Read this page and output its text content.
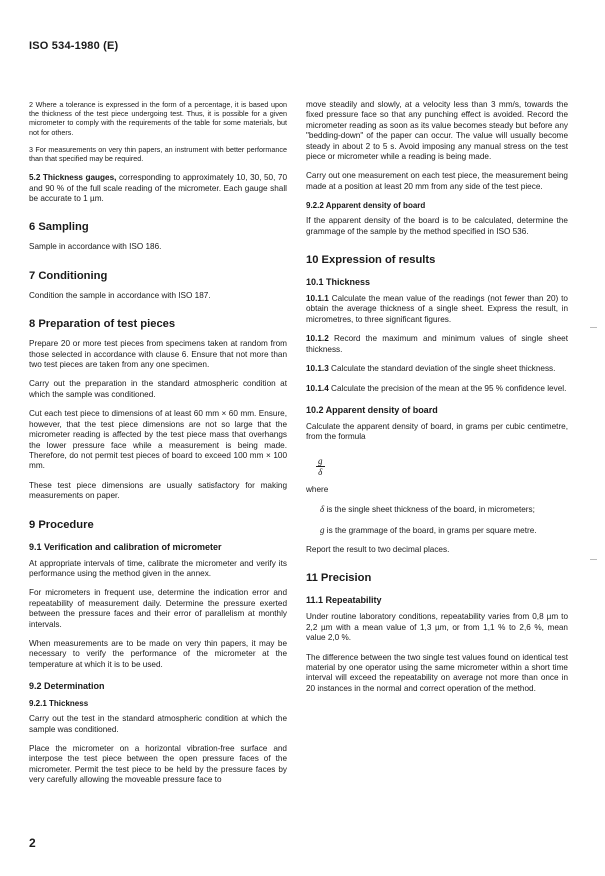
ISO 534-1980 (E)

2 Where a tolerance is expressed in the form of a percentage, it is based upon the thickness of the test piece undergoing test. Thus, it is possible for a given micrometer to comply with the requirements of the table for some materials, but not for others.

3 For measurements on very thin papers, an instrument with better performance than that specified may be required.

5.2 Thickness gauges, corresponding to approximately 10, 30, 50, 70 and 90 % of the full scale reading of the micrometer. Each gauge shall be accurate to 1 µm.

6 Sampling

Sample in accordance with ISO 186.

7 Conditioning

Condition the sample in accordance with ISO 187.

8 Preparation of test pieces

Prepare 20 or more test pieces from specimens taken at random from those selected in accordance with clause 6. Ensure that not more than two test pieces are taken from any one specimen.

Carry out the preparation in the standard atmospheric condition at which the sample was conditioned.

Cut each test piece to dimensions of at least 60 mm × 60 mm. Ensure, however, that the test piece dimensions are not so large that the micrometer reading is affected by the test piece mass that overhangs the lower pressure face while a measurement is being made. Therefore, do not permit test pieces of board to exceed 100 mm × 100 mm.

These test piece dimensions are usually satisfactory for making measurements on paper.

9 Procedure
9.1 Verification and calibration of micrometer

At appropriate intervals of time, calibrate the micrometer and verify its performance using the method given in the annex.

For micrometers in frequent use, determine the indication error and repeatability of measurement daily. Determine the pressure exerted between the pressure faces and their error of parallelism at monthly intervals.

When measurements are to be made on very thin papers, it may be necessary to verify the performance of the micrometer at the temperature at which it is to be used.

9.2 Determination
9.2.1 Thickness

Carry out the test in the standard atmospheric condition at which the sample was conditioned.

Place the micrometer on a horizontal vibration-free surface and interpose the test piece between the open pressure faces of the micrometer. Permit the test piece to be held by the pressure faces by very carefully allowing the moveable pressure face to

move steadily and slowly, at a velocity less than 3 mm/s, towards the fixed pressure face so that any punching effect is avoided. Record the micrometer reading as soon as its value becomes steady but before any "bedding-down" of the paper can occur. The value will usually become steady in about 2 to 5 s. Avoid imposing any manual stress on the test piece or micrometer while a reading is being made.

Carry out one measurement on each test piece, the measurement being made at a position at least 20 mm from any side of the test piece.

9.2.2 Apparent density of board

If the apparent density of the board is to be calculated, determine the grammage of the sample by the method specified in ISO 536.

10 Expression of results
10.1 Thickness

10.1.1 Calculate the mean value of the readings (not fewer than 20) to obtain the average thickness of a single sheet. Express the result, in micrometres, to three significant figures.

10.1.2 Record the maximum and minimum values of single sheet thickness.

10.1.3 Calculate the standard deviation of the single sheet thickness.

10.1.4 Calculate the precision of the mean at the 95 % confidence level.

10.2 Apparent density of board

Calculate the apparent density of board, in grams per cubic centimetre, from the formula

$\frac{g}{\delta}$

where

δ is the single sheet thickness of the board, in micrometers;
g is the grammage of the board, in grams per square metre.

Report the result to two decimal places.

11 Precision
11.1 Repeatability

Under routine laboratory conditions, repeatability varies from 0,8 µm to 2,2 µm with a mean value of 1,3 µm, or from 1,1 % to 2,6 %, mean value 2,0 %.

The difference between the two single test values found on identical test material by one operator using the same micrometer within a short time interval will exceed the repeatability on average not more than once in 20 instances in the normal and correct operation of the method.

2
